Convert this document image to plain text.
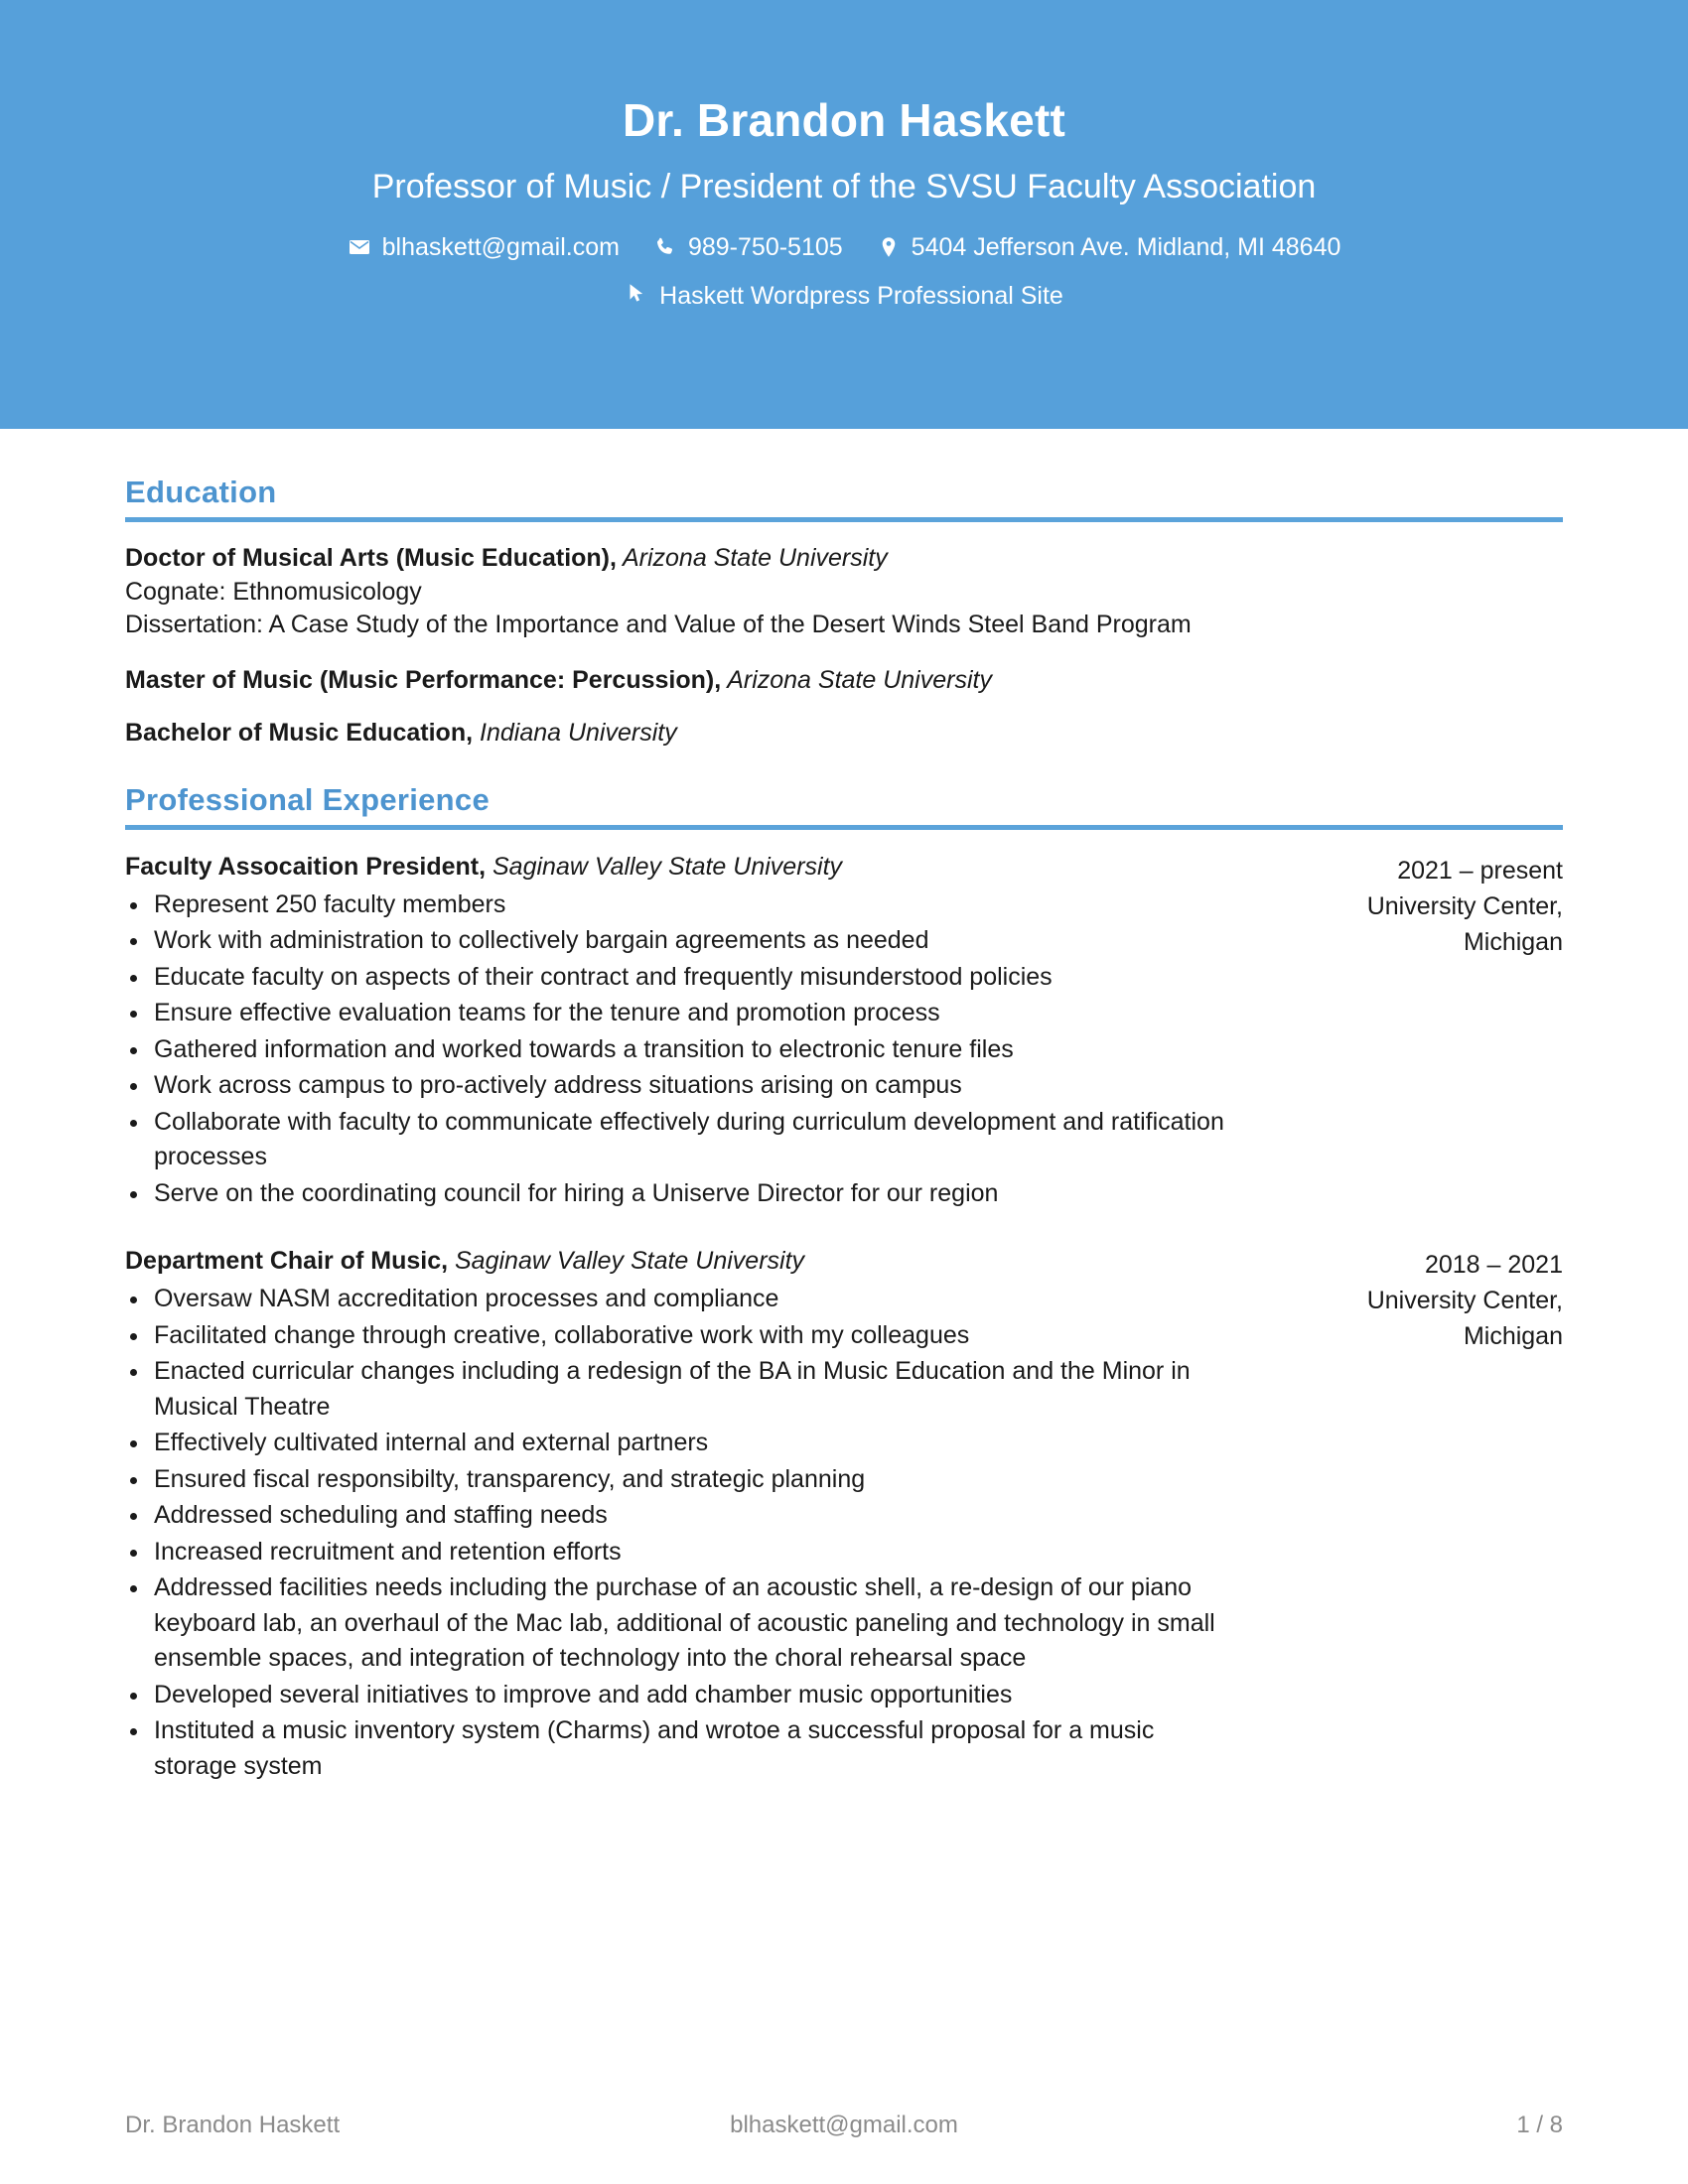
Dr. Brandon Haskett
Professor of Music / President of the SVSU Faculty Association
blhaskett@gmail.com	989-750-5105	5404 Jefferson Ave. Midland, MI 48640
Haskett Wordpress Professional Site
Education
Doctor of Musical Arts (Music Education), Arizona State University
Cognate: Ethnomusicology
Dissertation: A Case Study of the Importance and Value of the Desert Winds Steel Band Program
Master of Music (Music Performance: Percussion), Arizona State University
Bachelor of Music Education, Indiana University
Professional Experience
Faculty Assocaition President, Saginaw Valley State University
Represent 250 faculty members
Work with administration to collectively bargain agreements as needed
Educate faculty on aspects of their contract and frequently misunderstood policies
Ensure effective evaluation teams for the tenure and promotion process
Gathered information and worked towards a transition to electronic tenure files
Work across campus to pro-actively address situations arising on campus
Collaborate with faculty to communicate effectively during curriculum development and ratification processes
Serve on the coordinating council for hiring a Uniserve Director for our region
2021 – present
University Center, Michigan
Department Chair of Music, Saginaw Valley State University
Oversaw NASM accreditation processes and compliance
Facilitated change through creative, collaborative work with my colleagues
Enacted curricular changes including a redesign of the BA in Music Education and the Minor in Musical Theatre
Effectively cultivated internal and external partners
Ensured fiscal responsibilty, transparency, and strategic planning
Addressed scheduling and staffing needs
Increased recruitment and retention efforts
Addressed facilities needs including the purchase of an acoustic shell, a re-design of our piano keyboard lab, an overhaul of the Mac lab, additional of acoustic paneling and technology in small ensemble spaces, and integration of technology into the choral rehearsal space
Developed several initiatives to improve and add chamber music opportunities
Instituted a music inventory system (Charms) and wrotoe a successful proposal for a music storage system
2018 – 2021
University Center, Michigan
Dr. Brandon Haskett	blhaskett@gmail.com	1 / 8
